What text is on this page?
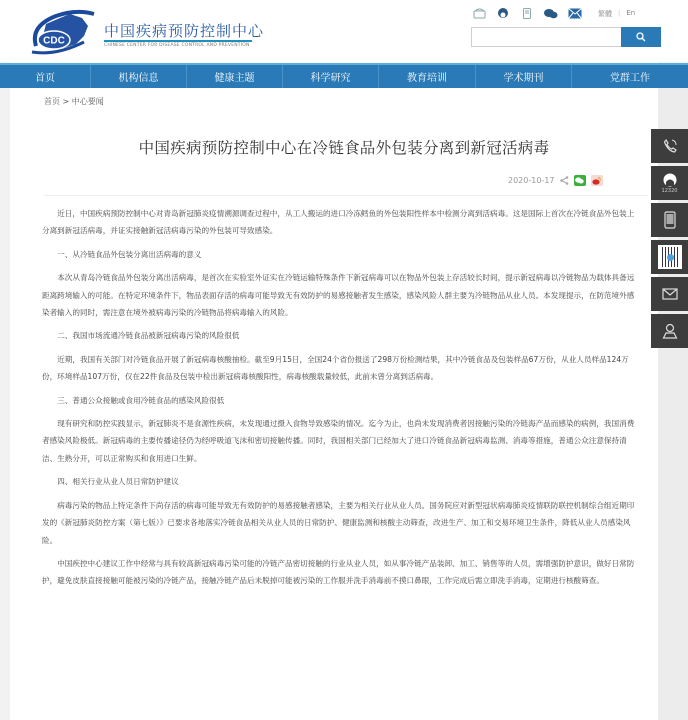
CDC
中国疾病预防控制中心
CHINESE CENTER FOR DISEASE CONTROL AND PREVENTION
繁體 | En
首页	机构信息	健康主题	科学研究	教育培训	学术期刊	党群工作
首页 > 中心要闻
中国疾病预防控制中心在冷链食品外包装分离到新冠活病毒
2020-10-17

近日，中国疾病预防控制中心对青岛新冠肺炎疫情溯源调查过程中，从工人搬运的进口冷冻鳕鱼的外包装阳性样本中检测分离到活病毒。这是国际上首次在冷链食品外包装上分离到新冠活病毒，并证实接触新冠活病毒污染的外包装可导致感染。

一、从冷链食品外包装分离出活病毒的意义

本次从青岛冷链食品外包装分离出活病毒，是首次在实验室外证实在冷链运输特殊条件下新冠病毒可以在物品外包装上存活较长时间，提示新冠病毒以冷链物品为载体具备远距离跨境输入的可能。在特定环境条件下，物品表面存活的病毒可能导致无有效防护的易感接触者发生感染，感染风险人群主要为冷链物品从业人员。本发现提示，在防范境外感染者输入的同时，需注意在境外被病毒污染的冷链物品将病毒输入的风险。

二、我国市场流通冷链食品被新冠病毒污染的风险很低

近期，我国有关部门对冷链食品开展了新冠病毒核酸抽检。截至9月15日，全国24个省份报送了298万份检测结果，其中冷链食品及包装样品67万份，从业人员样品124万份，环境样品107万份，仅在22件食品及包装中检出新冠病毒核酸阳性，病毒核酸载量较低，此前未曾分离到活病毒。

三、普通公众接触或食用冷链食品的感染风险很低

现有研究和防控实践显示，新冠肺炎不是食源性疾病，未发现通过摄入食物导致感染的情况。迄今为止，也尚未发现消费者因接触污染的冷链海产品而感染的病例，我国消费者感染风险极低。新冠病毒的主要传播途径仍为经呼吸道飞沫和密切接触传播。同时，我国相关部门已经加大了进口冷链食品新冠病毒监测、消毒等措施，普通公众注意保持清洁、生熟分开，可以正常购买和食用进口生鲜。

四、相关行业从业人员日常防护建议

病毒污染的物品上特定条件下尚存活的病毒可能导致无有效防护的易感接触者感染，主要为相关行业从业人员。国务院应对新型冠状病毒肺炎疫情联防联控机制综合组近期印发的《新冠肺炎防控方案（第七版）》已要求各地落实冷链食品相关从业人员的日常防护、健康监测和核酸主动筛查，改进生产、加工和交易环境卫生条件，降低从业人员感染风险。

中国疾控中心建议工作中经常与具有较高新冠病毒污染可能的冷链产品密切接触的行业从业人员，如从事冷链产品装卸、加工、销售等的人员，需增强防护意识，做好日常防护，避免皮肤直接接触可能被污染的冷链产品，接触冷链产品后未脱掉可能被污染的工作服并洗手消毒前不摸口鼻眼，工作完成后需立即洗手消毒，定期进行核酸筛查。

12320
